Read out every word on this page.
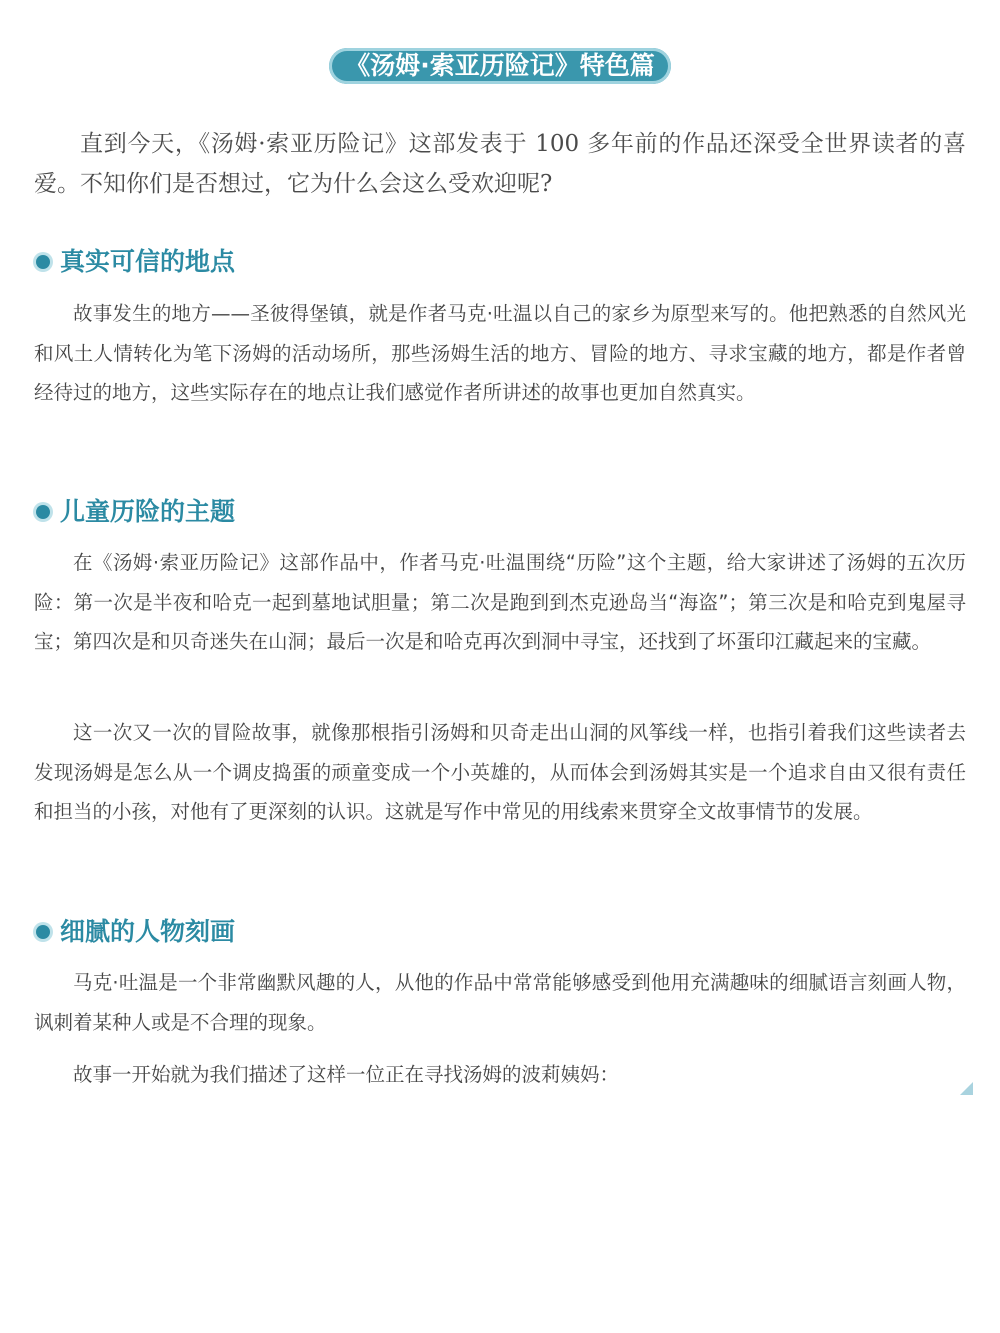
《汤姆·索亚历险记》特色篇

直到今天，《汤姆·索亚历险记》这部发表于 100 多年前的作品还深受全世界读者的喜爱。不知你们是否想过，它为什么会这么受欢迎呢?

真实可信的地点

故事发生的地方——圣彼得堡镇，就是作者马克·吐温以自己的家乡为原型来写的。他把熟悉的自然风光和风土人情转化为笔下汤姆的活动场所，那些汤姆生活的地方、冒险的地方、寻求宝藏的地方，都是作者曾经待过的地方，这些实际存在的地点让我们感觉作者所讲述的故事也更加自然真实。

儿童历险的主题

在《汤姆·索亚历险记》这部作品中，作者马克·吐温围绕“历险”这个主题，给大家讲述了汤姆的五次历险：第一次是半夜和哈克一起到墓地试胆量；第二次是跑到到杰克逊岛当“海盗”；第三次是和哈克到鬼屋寻宝；第四次是和贝奇迷失在山洞；最后一次是和哈克再次到洞中寻宝，还找到了坏蛋印江藏起来的宝藏。

这一次又一次的冒险故事，就像那根指引汤姆和贝奇走出山洞的风筝线一样，也指引着我们这些读者去发现汤姆是怎么从一个调皮捣蛋的顽童变成一个小英雄的，从而体会到汤姆其实是一个追求自由又很有责任和担当的小孩，对他有了更深刻的认识。这就是写作中常见的用线索来贯穿全文故事情节的发展。

细腻的人物刻画

马克·吐温是一个非常幽默风趣的人，从他的作品中常常能够感受到他用充满趣味的细腻语言刻画人物，讽刺着某种人或是不合理的现象。

故事一开始就为我们描述了这样一位正在寻找汤姆的波莉姨妈：
